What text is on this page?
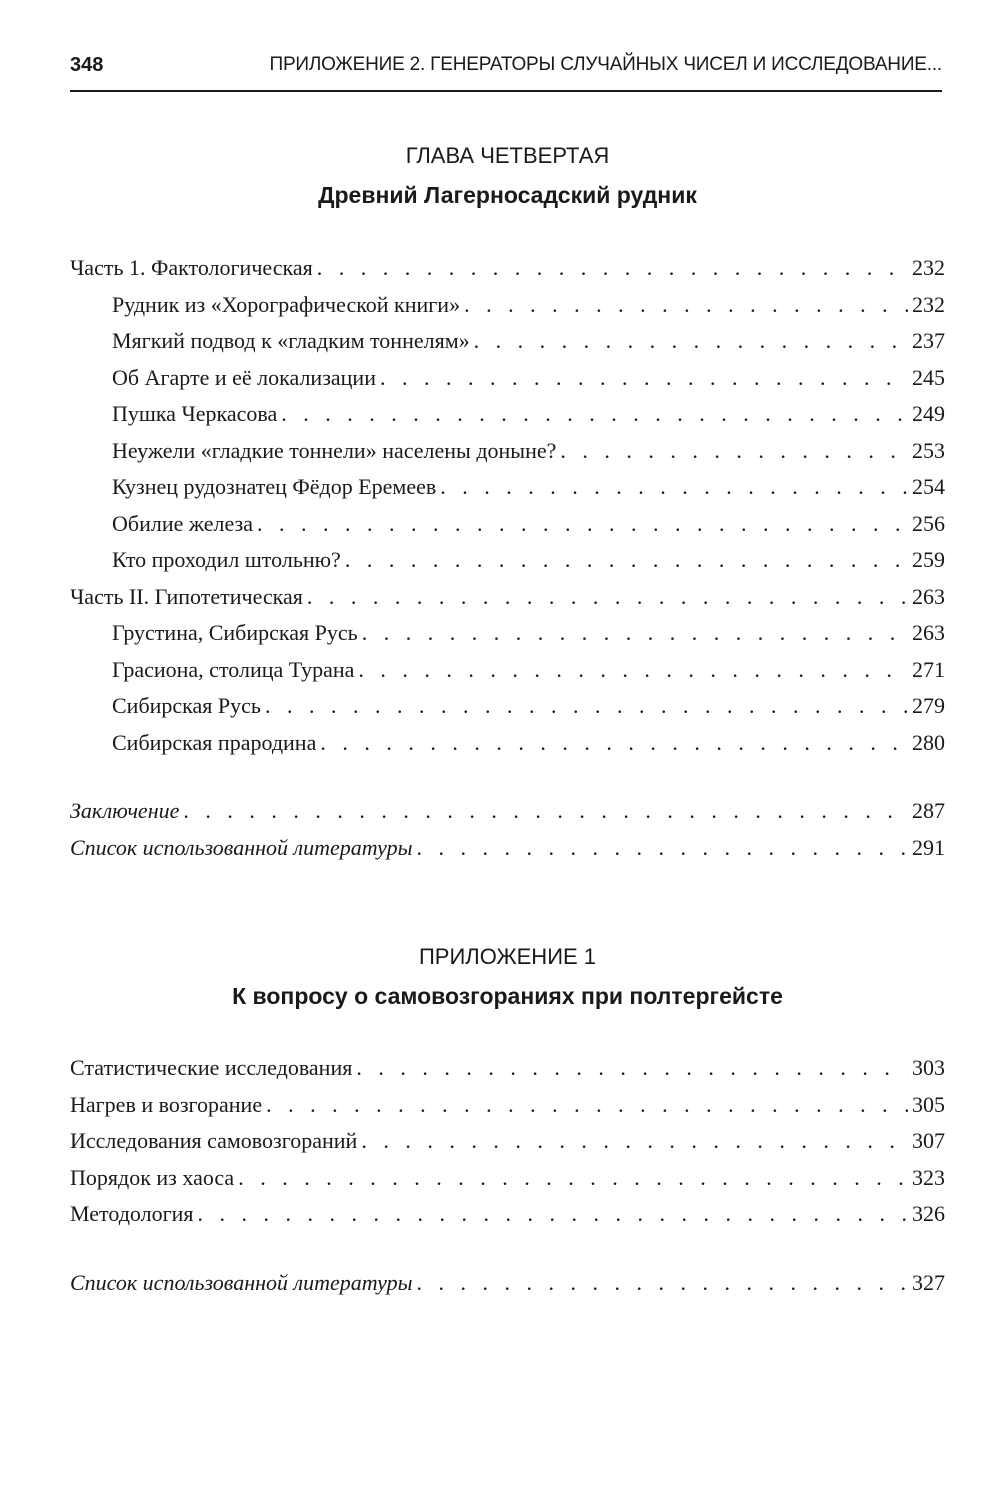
348	ПРИЛОЖЕНИЕ 2. ГЕНЕРАТОРЫ СЛУЧАЙНЫХ ЧИСЕЛ И ИССЛЕДОВАНИЕ...
ГЛАВА ЧЕТВЕРТАЯ
Древний Лагерносадский рудник
Часть 1. Фактологическая . . .	232
Рудник из «Хорографической книги» . . .	232
Мягкий подвод к «гладким тоннелям» . . .	237
Об Агарте и её локализации . . .	245
Пушка Черкасова . . .	249
Неужели «гладкие тоннели» населены доныне? . . .	253
Кузнец рудознатец Фёдор Еремеев . . .	254
Обилие железа . . .	256
Кто проходил штольню? . . .	259
Часть II. Гипотетическая . . .	263
Грустина, Сибирская Русь . . .	263
Грасиона, столица Турана . . .	271
Сибирская Русь . . .	279
Сибирская прародина . . .	280
Заключение . . .	287
Список использованной литературы . . .	291
ПРИЛОЖЕНИЕ 1
К вопросу о самовозгораниях при полтергейсте
Статистические исследования . . .	303
Нагрев и возгорание . . .	305
Исследования самовозгораний . . .	307
Порядок из хаоса . . .	323
Методология . . .	326
Список использованной литературы . . .	327
